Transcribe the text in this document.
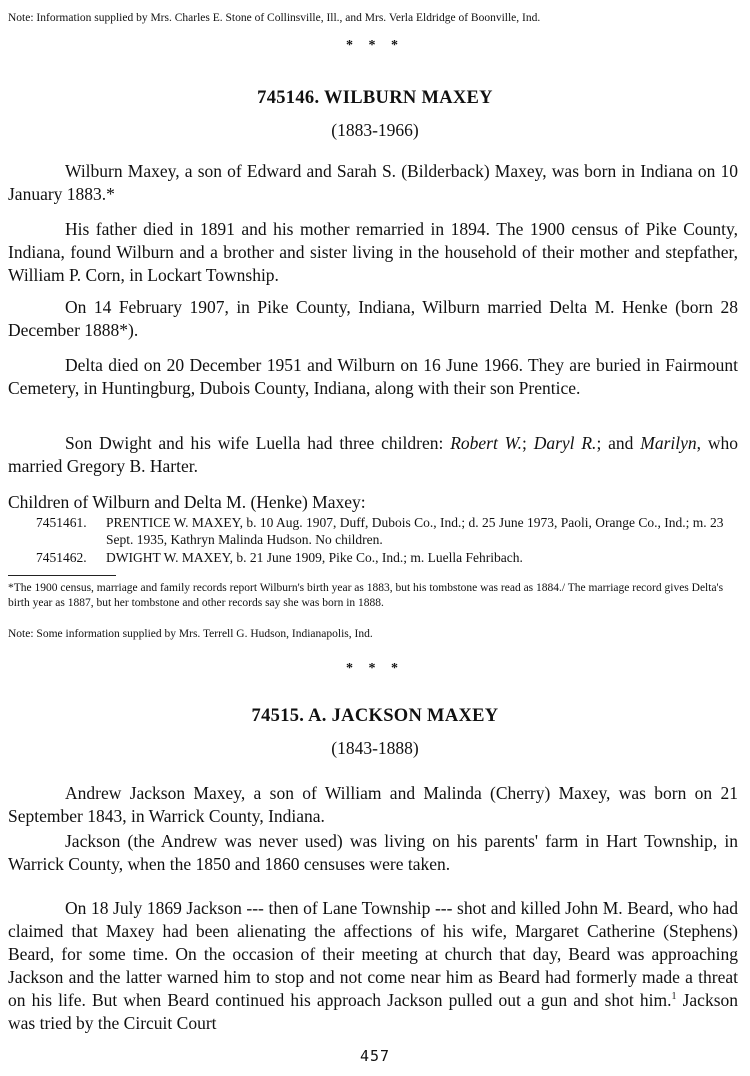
Note: Information supplied by Mrs. Charles E. Stone of Collinsville, Ill., and Mrs. Verla Eldridge of Boonville, Ind.
* * *
745146. WILBURN MAXEY
(1883-1966)

Wilburn Maxey, a son of Edward and Sarah S. (Bilderback) Maxey, was born in Indiana on 10 January 1883.*

His father died in 1891 and his mother remarried in 1894. The 1900 census of Pike County, Indiana, found Wilburn and a brother and sister living in the household of their mother and stepfather, William P. Corn, in Lockart Township.

On 14 February 1907, in Pike County, Indiana, Wilburn married Delta M. Henke (born 28 December 1888*).

Delta died on 20 December 1951 and Wilburn on 16 June 1966. They are buried in Fairmount Cemetery, in Huntingburg, Dubois County, Indiana, along with their son Prentice.

Son Dwight and his wife Luella had three children: Robert W.; Daryl R.; and Marilyn, who married Gregory B. Harter.

Children of Wilburn and Delta M. (Henke) Maxey:
7451461. PRENTICE W. MAXEY, b. 10 Aug. 1907, Duff, Dubois Co., Ind.; d. 25 June 1973, Paoli, Orange Co., Ind.; m. 23 Sept. 1935, Kathryn Malinda Hudson. No children.
7451462. DWIGHT W. MAXEY, b. 21 June 1909, Pike Co., Ind.; m. Luella Fehribach.
*The 1900 census, marriage and family records report Wilburn's birth year as 1883, but his tombstone was read as 1884./ The marriage record gives Delta's birth year as 1887, but her tombstone and other records say she was born in 1888.
Note: Some information supplied by Mrs. Terrell G. Hudson, Indianapolis, Ind.
* * *
74515. A. JACKSON MAXEY
(1843-1888)

Andrew Jackson Maxey, a son of William and Malinda (Cherry) Maxey, was born on 21 September 1843, in Warrick County, Indiana.

Jackson (the Andrew was never used) was living on his parents' farm in Hart Township, in Warrick County, when the 1850 and 1860 censuses were taken.

On 18 July 1869 Jackson --- then of Lane Township --- shot and killed John M. Beard, who had claimed that Maxey had been alienating the affections of his wife, Margaret Catherine (Stephens) Beard, for some time. On the occasion of their meeting at church that day, Beard was approaching Jackson and the latter warned him to stop and not come near him as Beard had formerly made a threat on his life. But when Beard continued his approach Jackson pulled out a gun and shot him.$^1$ Jackson was tried by the Circuit Court

457
